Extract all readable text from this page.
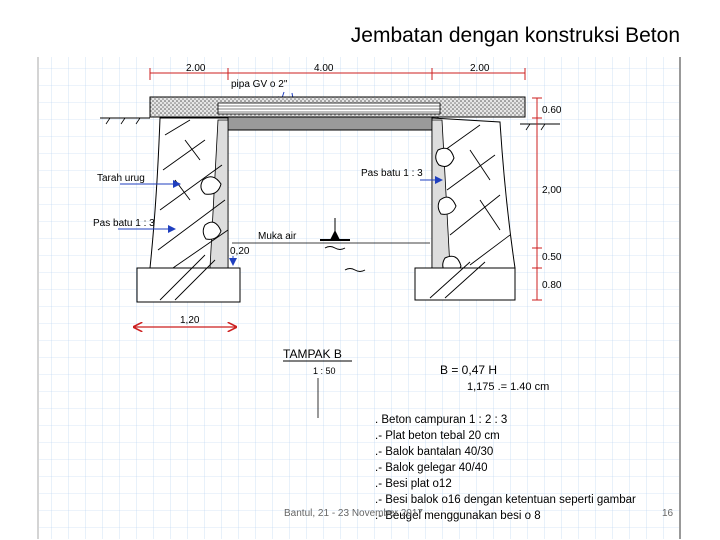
Jembatan dengan konstruksi Beton
2.00	4.00	2.00
pipa GV o 2"
Muka air
0,20
Tarah urug
Pas batu 1 : 3
Pas batu 1 : 3
0.60
2,00
0.50
0.80
1,20
TAMPAK B
1 : 50	B = 0,47 H
1,175 .= 1.40 cm
. Beton campuran 1 : 2 : 3
.- Plat beton tebal 20 cm
.- Balok bantalan 40/30
.- Balok gelegar 40/40
.- Besi plat o12
.- Besi balok o16 dengan ketentuan seperti gambar
.- Beugel menggunakan besi o 8
Bantul, 21 - 23 November 2017	16
